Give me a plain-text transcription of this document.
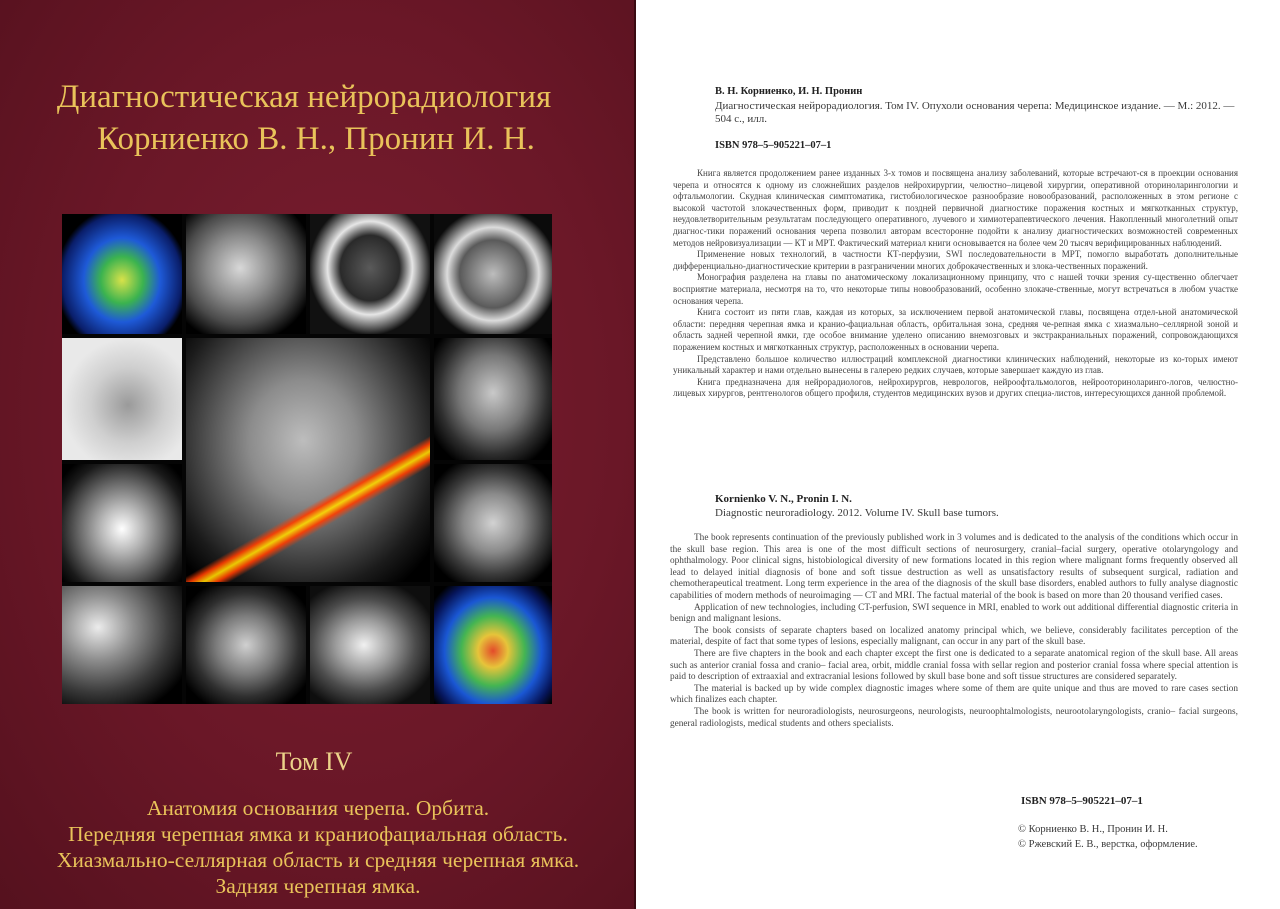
Диагностическая нейрорадиология
Корниенко В. Н., Пронин И. Н.
Том IV
Анатомия основания черепа. Орбита.
Передняя черепная ямка и краниофациальная область.
Хиазмально-селлярная область и средняя черепная ямка.
Задняя черепная ямка.
В. Н. Корниенко, И. Н. Пронин
Диагностическая нейрорадиология. Том IV. Опухоли основания черепа: Медицинское издание. — М.: 2012. — 504 с., илл.
ISBN 978–5–905221–07–1

Книга является продолжением ранее изданных 3-х томов и посвящена анализу заболеваний, которые встречают-ся в проекции основания черепа и относятся к одному из сложнейших разделов нейрохирургии, челюстно–лицевой хирургии, оперативной оториноларингологии и офтальмологии. Скудная клиническая симптоматика, гистобиологическое разнообразие новообразований, расположенных в этом регионе с высокой частотой злокачественных форм, приводит к поздней первичной диагностике поражения костных и мягкотканных структур, неудовлетворительным результатам последующего оперативного, лучевого и химиотерапевтического лечения. Накопленный многолетний опыт диагнос-тики поражений основания черепа позволил авторам всесторонне подойти к анализу диагностических возможностей современных методов нейровизуализации — КТ и МРТ. Фактический материал книги основывается на более чем 20 тысяч верифицированных наблюдений.

Применение новых технологий, в частности КТ-перфузии, SWI последовательности в МРТ, помогло выработать дополнительные дифференциально-диагностические критерии в разграничении многих доброкачественных и злока-чественных поражений.

Монография разделена на главы по анатомическому локализационному принципу, что с нашей точки зрения су-щественно облегчает восприятие материала, несмотря на то, что некоторые типы новообразований, особенно злокаче-ственные, могут встречаться в любом участке основания черепа.

Книга состоит из пяти глав, каждая из которых, за исключением первой анатомической главы, посвящена отдел-ьной анатомической области: передняя черепная ямка и кранио-фациальная область, орбитальная зона, средняя че-репная ямка с хиазмально–селлярной зоной и область задней черепной ямки, где особое внимание уделено описанию внемозговых и экстракраниальных поражений, сопровождающихся поражением костных и мягкотканных структур, расположенных в основании черепа.

Представлено большое количество иллюстраций комплексной диагностики клинических наблюдений, некоторые из ко-торых имеют уникальный характер и нами отдельно вынесены в галерею редких случаев, которые завершает каждую из глав.

Книга предназначена для нейрорадиологов, нейрохирургов, неврологов, нейроофтальмологов, нейрооториноларинго-логов, челюстно-лицевых хирургов, рентгенологов общего профиля, студентов медицинских вузов и других специа-листов, интересующихся данной проблемой.

Kornienko V. N., Pronin I. N.
Diagnostic neuroradiology. 2012. Volume IV. Skull base tumors.

The book represents continuation of the previously published work in 3 volumes and is dedicated to the analysis of the conditions which occur in the skull base region. This area is one of the most difficult sections of neurosurgery, cranial–facial surgery, operative otolaryngology and ophthalmology. Poor clinical signs, histobiological diversity of new formations located in this region where malignant forms frequently observed all lead to delayed initial diagnosis of bone and soft tissue destruction as well as unsatisfactory results of subsequent surgical, radiation and chemotherapeutical treatment. Long term experience in the area of the diagnosis of the skull base disorders, enabled authors to fully analyse diagnostic capabilities of modern methods of neuroimaging — CT and MRI. The factual material of the book is based on more than 20 thousand verified cases.

Application of new technologies, including CT-perfusion, SWI sequence in MRI, enabled to work out additional differential diagnostic criteria in benign and malignant lesions.

The book consists of separate chapters based on localized anatomy principal which, we believe, considerably facilitates perception of the material, despite of fact that some types of lesions, especially malignant, can occur in any part of the skull base.

There are five chapters in the book and each chapter except the first one is dedicated to a separate anatomical region of the skull base. All areas such as anterior cranial fossa and cranio– facial area, orbit, middle cranial fossa with sellar region and posterior cranial fossa where special attention is paid to description of extraaxial and extracranial lesions followed by skull base bone and soft tissue structures are considered separately.

The material is backed up by wide complex diagnostic images where some of them are quite unique and thus are moved to rare cases section which finalizes each chapter.

The book is written for neuroradiologists, neurosurgeons, neurologists, neuroophtalmologists, neurootolaryngologists, cranio– facial surgeons, general radiologists, medical students and others specialists.

ISBN 978–5–905221–07–1
© Корниенко В. Н., Пронин И. Н.
© Ржевский Е. В., верстка, оформление.
